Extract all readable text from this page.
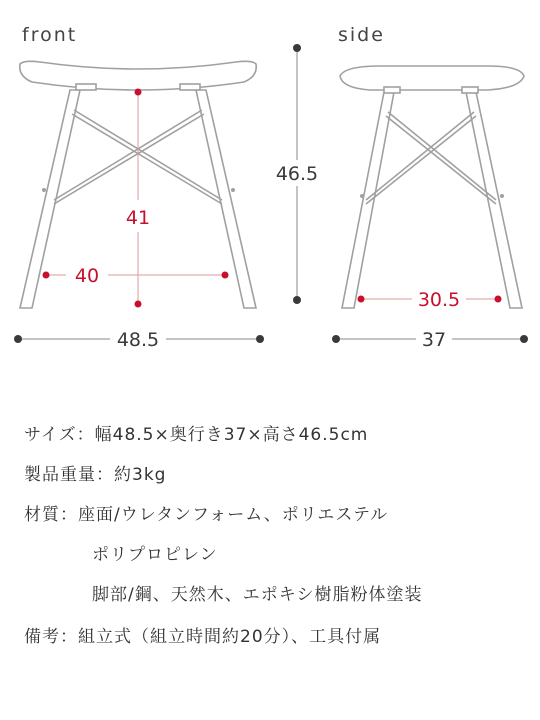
front	side
46.5
41
40
48.5
30.5
37
サイズ：幅48.5×奥行き37×高さ46.5cm
製品重量：約3kg
材質：座面/ウレタンフォーム、ポリエステル
ポリプロピレン
脚部/鋼、天然木、エポキシ樹脂粉体塗装
備考：組立式（組立時間約20分）、工具付属
